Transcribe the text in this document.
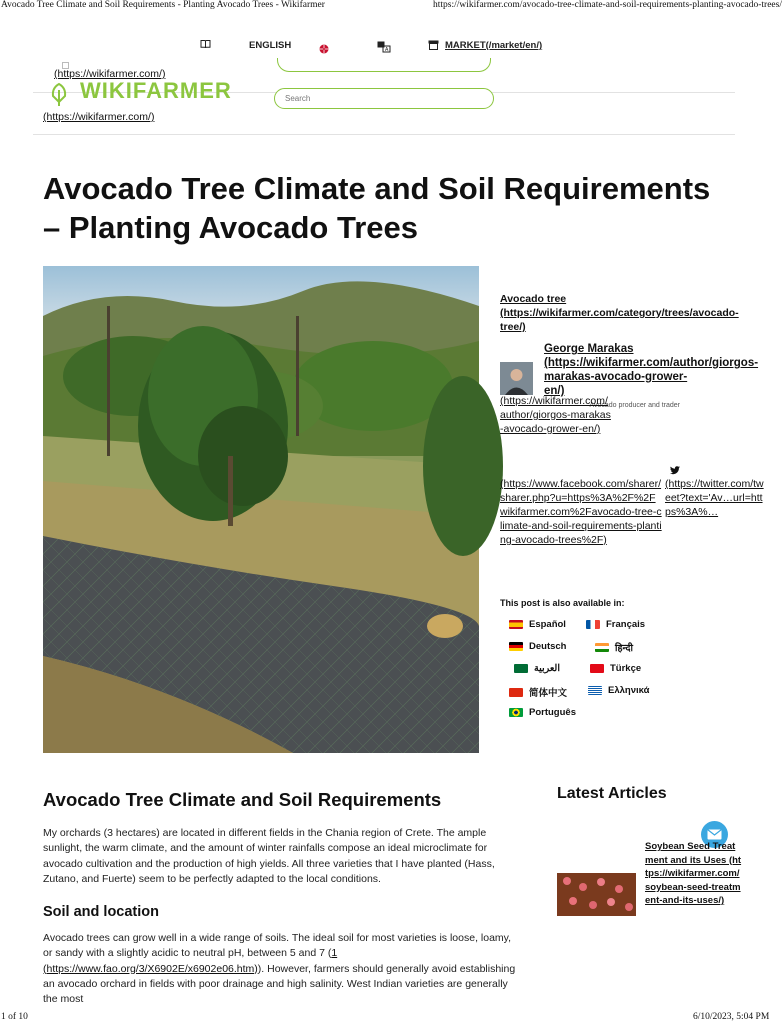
Avocado Tree Climate and Soil Requirements - Planting Avocado Trees - Wikifarmer	https://wikifarmer.com/avocado-tree-climate-and-soil-requirements-planting-avocado-trees/
ENGLISH	A	MARKET(/market/en/)
(https://wikifarmer.com/)
WIKIFARMER	Search
(https://wikifarmer.com/)
Avocado Tree Climate and Soil Requirements – Planting Avocado Trees
Avocado tree (https://wikifarmer.com/category/trees/avocado-tree/)
George Marakas (https://wikifarmer.com/author/giorgos-marakas-avocado-grower-en/)
Avocado producer and trader
(https://wikifarmer.com/author/giorgos-marakas-avocado-grower-en/)
(https://www.facebook.com/sharer/sharer.php?u=https%3A%2F%2Fwikifarmer.com%2Favocado-tree-climate-and-soil-requirements-planting-avocado-trees%2F)
(https://twitter.com/tweet?text='Av…url=https%3A%…
This post is also available in:
Español	Français
Deutsch	हिन्दी
العربية	Türkçe
简体中文	Ελληνικά
Português
Avocado Tree Climate and Soil Requirements

My orchards (3 hectares) are located in different fields in the Chania region of Crete. The ample sunlight, the warm climate, and the amount of winter rainfalls compose an ideal microclimate for avocado cultivation and the production of high yields. All three varieties that I have planted (Hass, Zutano, and Fuerte) seem to be perfectly adapted to the local conditions.

Soil and location

Avocado trees can grow well in a wide range of soils. The ideal soil for most varieties is loose, loamy, or sandy with a slightly acidic to neutral pH, between 5 and 7 (1 (https://www.fao.org/3/X6902E/x6902e06.htm)). However, farmers should generally avoid establishing an avocado orchard in fields with poor drainage and high salinity. West Indian varieties are generally the most

Latest Articles
Soybean Seed Treatment and its Uses (https://wikifarmer.com/soybean-seed-treatment-and-its-uses/)
1 of 10	6/10/2023, 5:04 PM
